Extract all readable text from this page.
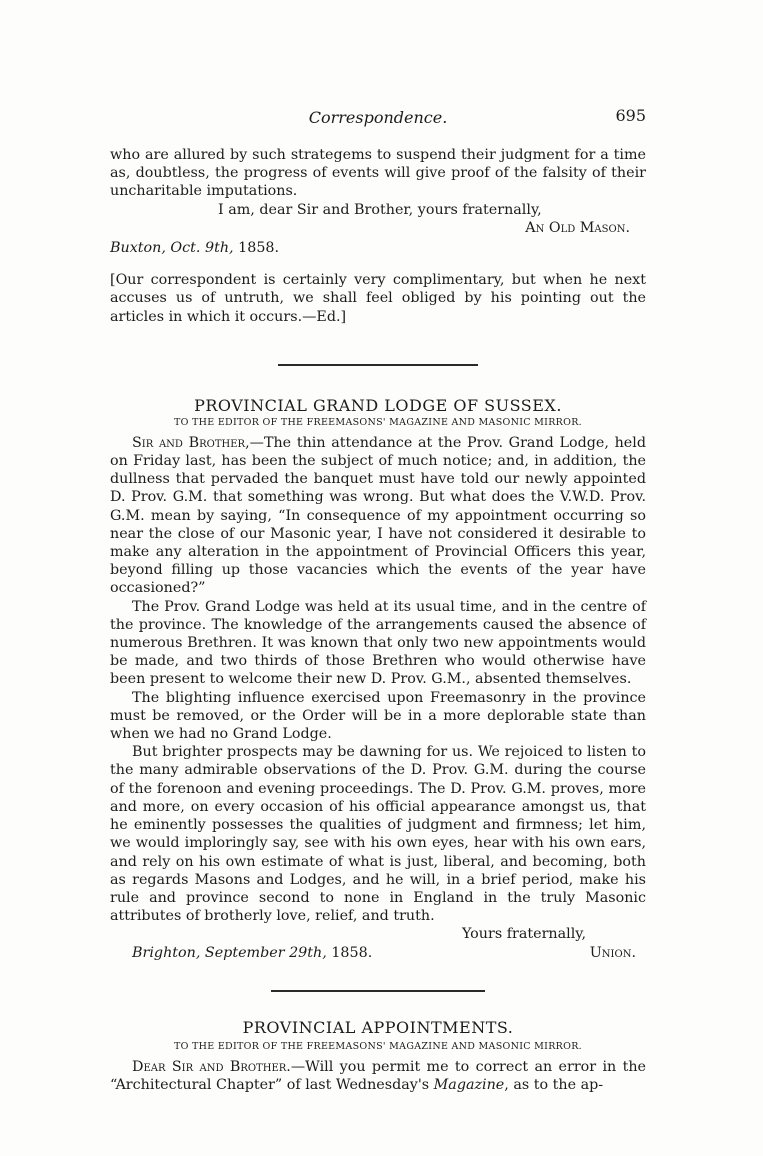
Correspondence.	695

who are allured by such strategems to suspend their judgment for a time as, doubtless, the progress of events will give proof of the falsity of their uncharitable imputations.

I am, dear Sir and Brother, yours fraternally,

An Old Mason.

Buxton, Oct. 9th, 1858.

[Our correspondent is certainly very complimentary, but when he next accuses us of untruth, we shall feel obliged by his pointing out the articles in which it occurs.—Ed.]

PROVINCIAL GRAND LODGE OF SUSSEX.
TO THE EDITOR OF THE FREEMASONS' MAGAZINE AND MASONIC MIRROR.

Sir and Brother,—The thin attendance at the Prov. Grand Lodge, held on Friday last, has been the subject of much notice; and, in addition, the dullness that pervaded the banquet must have told our newly appointed D. Prov. G.M. that something was wrong. But what does the V.W.D. Prov. G.M. mean by saying, “In consequence of my appointment occurring so near the close of our Masonic year, I have not considered it desirable to make any alteration in the appointment of Provincial Officers this year, beyond filling up those vacancies which the events of the year have occasioned?”

The Prov. Grand Lodge was held at its usual time, and in the centre of the province. The knowledge of the arrangements caused the absence of numerous Brethren. It was known that only two new appointments would be made, and two thirds of those Brethren who would otherwise have been present to welcome their new D. Prov. G.M., absented themselves.

The blighting influence exercised upon Freemasonry in the province must be removed, or the Order will be in a more deplorable state than when we had no Grand Lodge.

But brighter prospects may be dawning for us. We rejoiced to listen to the many admirable observations of the D. Prov. G.M. during the course of the forenoon and evening proceedings. The D. Prov. G.M. proves, more and more, on every occasion of his official appearance amongst us, that he eminently possesses the qualities of judgment and firmness; let him, we would imploringly say, see with his own eyes, hear with his own ears, and rely on his own estimate of what is just, liberal, and becoming, both as regards Masons and Lodges, and he will, in a brief period, make his rule and province second to none in England in the truly Masonic attributes of brotherly love, relief, and truth.

Yours fraternally,

Brighton, September 29th, 1858.	Union.
PROVINCIAL APPOINTMENTS.
TO THE EDITOR OF THE FREEMASONS' MAGAZINE AND MASONIC MIRROR.

Dear Sir and Brother.—Will you permit me to correct an error in the “Architectural Chapter” of last Wednesday's Magazine, as to the ap-
